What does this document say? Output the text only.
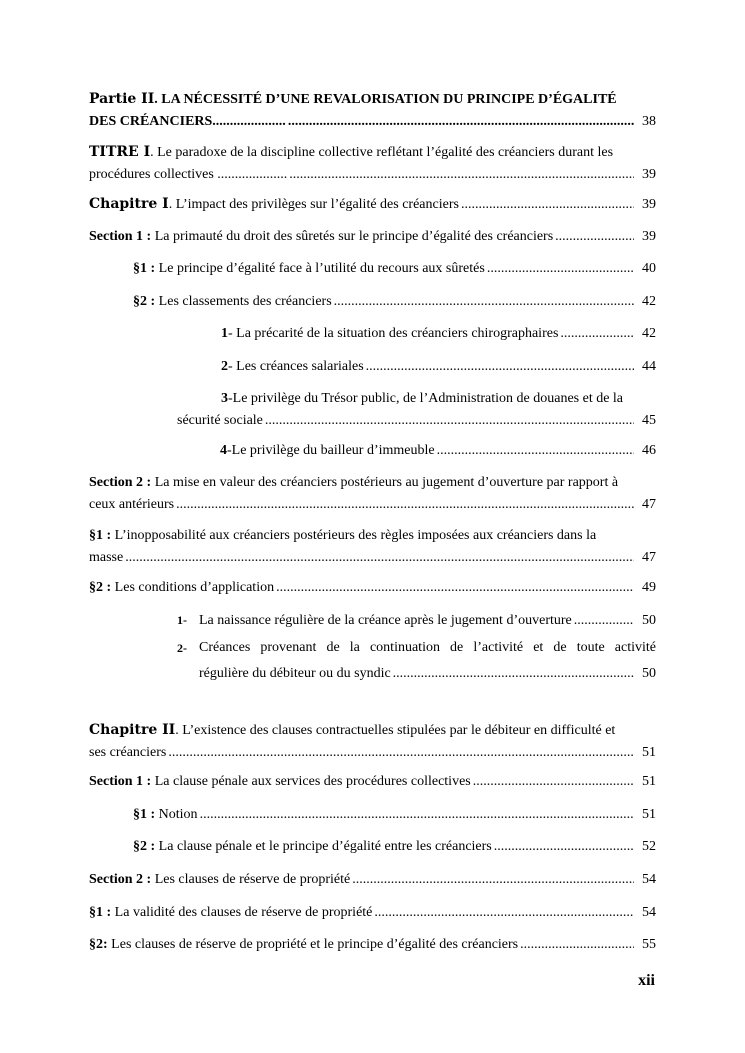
Partie II. LA NÉCESSITÉ D’UNE REVALORISATION DU PRINCIPE D’ÉGALITÉ
DES CRÉANCIERS..................... .....	38
TITRE I. Le paradoxe de la discipline collective reflétant l’égalité des créanciers durant les
procédures collectives .................... .....	39
Chapitre I. L’impact des privilèges sur l’égalité des créanciers .....	39
Section 1 : La primauté du droit des sûretés sur le principe d’égalité des créanciers .....	39
§1 : Le principe d’égalité face à l’utilité du recours aux sûretés .....	40
§2 : Les classements des créanciers .....	42
1- La précarité de la situation des créanciers chirographaires .....	42
2- Les créances salariales .....	44
3-Le privilège du Trésor public, de l’Administration de douanes et de la
sécurité sociale .....	45
4-Le privilège du bailleur d’immeuble .....	46
Section 2 : La mise en valeur des créanciers postérieurs au jugement d’ouverture par rapport à
ceux antérieurs .....	47
§1 : L’inopposabilité aux créanciers postérieurs des règles imposées aux créanciers dans la
masse .....	47
§2 : Les conditions d’application .....	49
1- La naissance régulière de la créance après le jugement d’ouverture .....	50
2- Créances provenant de la continuation de l’activité et de toute activité
régulière du débiteur ou du syndic .....	50
Chapitre II. L’existence des clauses contractuelles stipulées par le débiteur en difficulté et
ses créanciers .....	51
Section 1 : La clause pénale aux services des procédures collectives .....	51
§1 : Notion .....	51
§2 : La clause pénale et le principe d’égalité entre les créanciers .....	52
Section 2 : Les clauses de réserve de propriété .....	54
§1 : La validité des clauses de réserve de propriété .....	54
§2: Les clauses de réserve de propriété et le principe d’égalité des créanciers .....	55
xii
